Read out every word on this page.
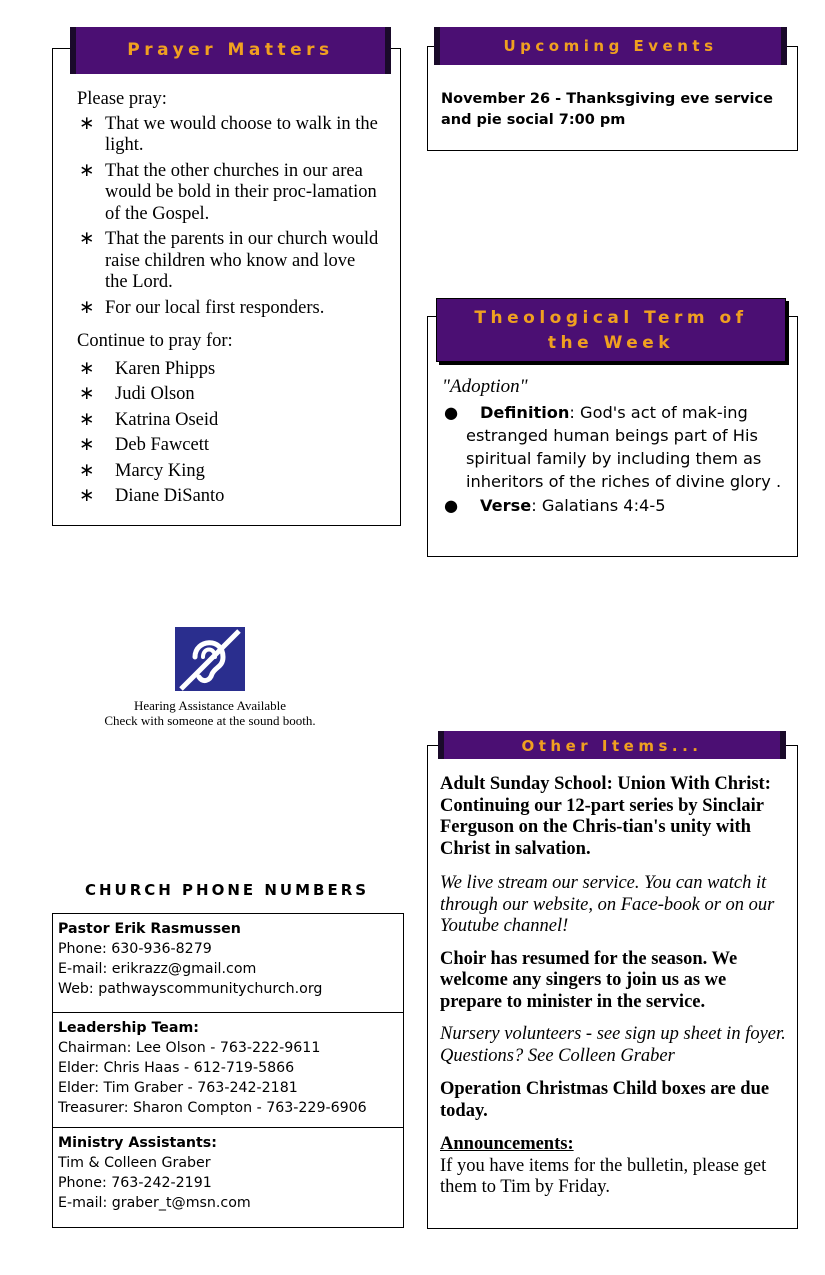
Please pray:
∗ That we would choose to walk in the light.
∗ That the other churches in our area would be bold in their proc-lamation of the Gospel.
∗ That the parents in our church would raise children who know and love the Lord.
∗ For our local first responders.
Continue to pray for:
∗ Karen Phipps
∗ Judi Olson
∗ Katrina Oseid
∗ Deb Fawcett
∗ Marcy King
∗ Diane DiSanto
Prayer Matters
November 26 - Thanksgiving eve service and pie social 7:00 pm
Upcoming Events
"Adoption"
● Definition: God's act of mak-ing estranged human beings part of His spiritual family by including them as inheritors of the riches of divine glory .
● Verse: Galatians 4:4-5
Theological Term of the Week
Hearing Assistance Available
Check with someone at the sound booth.
Adult Sunday School: Union With Christ: Continuing our 12-part series by Sinclair Ferguson on the Chris-tian's unity with Christ in salvation.
We live stream our service. You can watch it through our website, on Face-book or on our Youtube channel!
Choir has resumed for the season. We welcome any singers to join us as we prepare to minister in the service.
Nursery volunteers - see sign up sheet in foyer. Questions? See Colleen Graber
Operation Christmas Child boxes are due today.
Announcements:
If you have items for the bulletin, please get them to Tim by Friday.
Other Items...
CHURCH PHONE NUMBERS
Pastor Erik Rasmussen
Phone: 630-936-8279
E-mail: erikrazz@gmail.com
Web: pathwayscommunitychurch.org
Leadership Team:
Chairman: Lee Olson - 763-222-9611
Elder: Chris Haas - 612-719-5866
Elder: Tim Graber - 763-242-2181
Treasurer: Sharon Compton - 763-229-6906
Ministry Assistants:
Tim & Colleen Graber
Phone: 763-242-2191
E-mail: graber_t@msn.com
